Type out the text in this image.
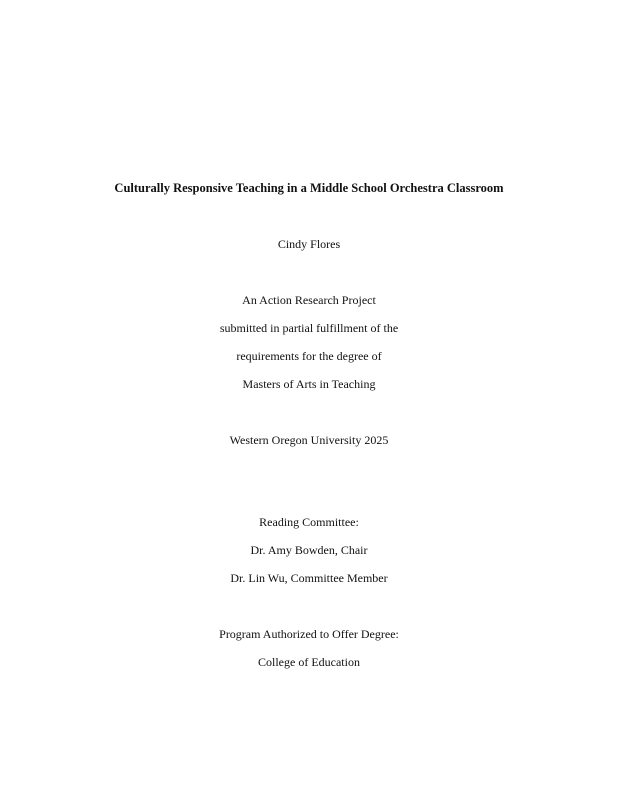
Culturally Responsive Teaching in a Middle School Orchestra Classroom
Cindy Flores
An Action Research Project
submitted in partial fulfillment of the
requirements for the degree of
Masters of Arts in Teaching
Western Oregon University 2025
Reading Committee:
Dr. Amy Bowden, Chair
Dr. Lin Wu, Committee Member
Program Authorized to Offer Degree:
College of Education
